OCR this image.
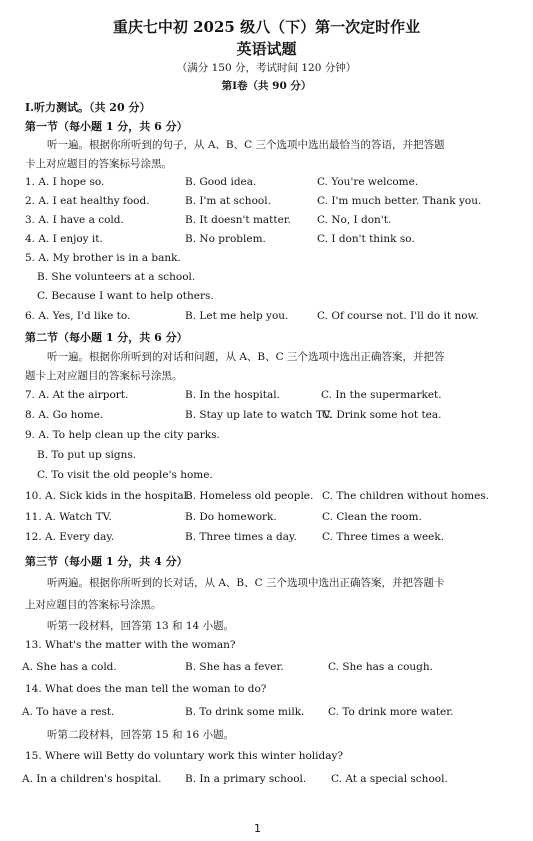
重庆七中初 2025 级八（下）第一次定时作业
英语试题
（满分 150 分，考试时间 120 分钟）
第Ⅰ卷（共 90 分）
I.听力测试。（共 20 分）
第一节（每小题 1 分，共 6 分）
听一遍。根据你所听到的句子，从 A、B、C 三个选项中选出最恰当的答语，并把答题
卡上对应题目的答案标号涂黑。
1. A. I hope so.	B. Good idea.	C. You're welcome.
2. A. I eat healthy food.	B. I'm at school.	C. I'm much better. Thank you.
3. A. I have a cold.	B. It doesn't matter. C. No, I don't.
4. A. I enjoy it.	B. No problem.	C. I don't think so.
5. A. My brother is in a bank.
B. She volunteers at a school.
C. Because I want to help others.
6. A. Yes, I'd like to.	B. Let me help you.	C. Of course not. I'll do it now.
第二节（每小题 1 分，共 6 分）
听一遍。根据你所听到的对话和问题，从 A、B、C 三个选项中选出正确答案，并把答
题卡上对应题目的答案标号涂黑。
7. A. At the airport.	B. In the hospital.	C. In the supermarket.
8. A. Go home.	B. Stay up late to watch TV.
C. Drink some hot tea.
9. A. To help clean up the city parks.
B. To put up signs.
C. To visit the old people's home.
10. A. Sick kids in the hospital.
B. Homeless old people. C. The children without homes.
11. A. Watch TV.	B. Do homework.	C. Clean the room.
12. A. Every day.	B. Three times a day. C. Three times a week.
第三节（每小题 1 分，共 4 分）
听两遍。根据你所听到的长对话，从 A、B、C 三个选项中选出正确答案，并把答题卡
上对应题目的答案标号涂黑。
听第一段材料，回答第 13 和 14 小题。
13. What's the matter with the woman?
A. She has a cold.	B. She has a fever.	C. She has a cough.
14. What does the man tell the woman to do?
A. To have a rest.	B. To drink some milk. C. To drink more water.
听第二段材料，回答第 15 和 16 小题。
15. Where will Betty do voluntary work this winter holiday?
A. In a children's hospital. B. In a primary school. C. At a special school.
1
